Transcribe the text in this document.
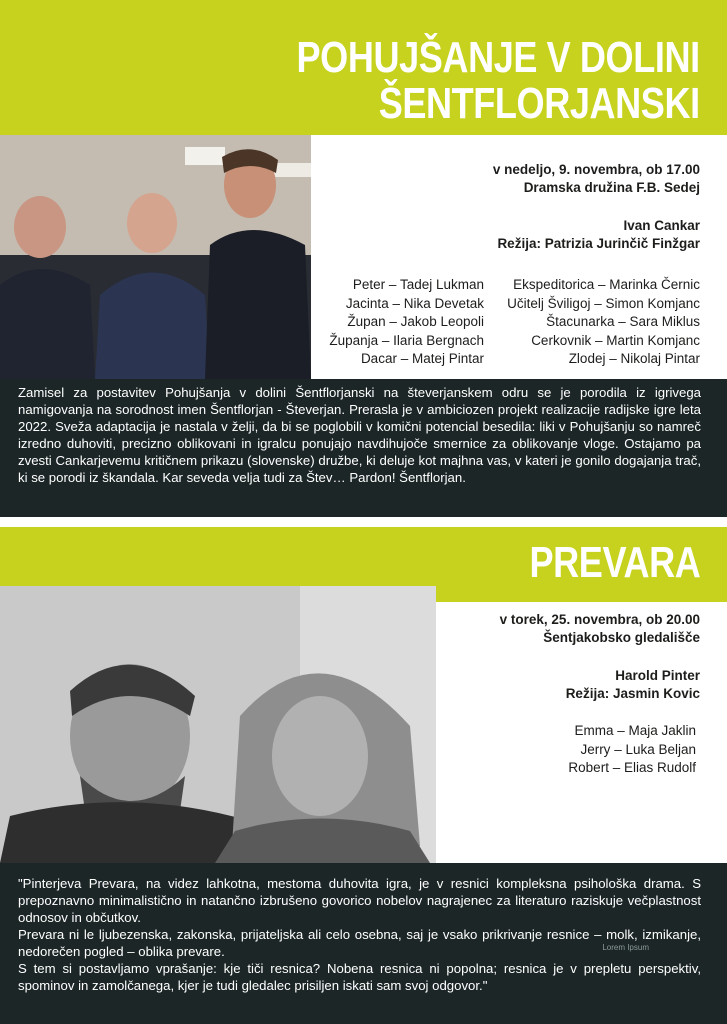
POHUJŠANJE V DOLINI
ŠENTFLORJANSKI
v nedeljo, 9. novembra, ob 17.00
Dramska družina F.B. Sedej
Ivan Cankar
Režija: Patrizia Jurinčič Finžgar
Peter – Tadej Lukman
Jacinta – Nika Devetak
Župan – Jakob Leopoli
Županja – Ilaria Bergnach
Dacar – Matej Pintar
Ekspeditorica – Marinka Černic
Učitelj Šviligoj – Simon Komjanc
Štacunarka – Sara Miklus
Cerkovnik – Martin Komjanc
Zlodej – Nikolaj Pintar
Zamisel za postavitev Pohujšanja v dolini Šentflorjanski na števerjanskem odru se je porodila iz igrivega namigovanja na sorodnost imen Šentflorjan - Števerjan. Prerasla je v ambiciozen projekt realizacije radijske igre leta 2022. Sveža adaptacija je nastala v želji, da bi se poglobili v komični potencial besedila: liki v Pohujšanju so namreč izredno duhoviti, precizno oblikovani in igralcu ponujajo navdihujoče smernice za oblikovanje vloge. Ostajamo pa zvesti Cankarjevemu kritičnem prikazu (slovenske) družbe, ki deluje kot majhna vas, v kateri je gonilo dogajanja trač, ki se porodi iz škandala. Kar seveda velja tudi za Štev… Pardon! Šentflorjan.
PREVARA
v torek, 25. novembra, ob 20.00
Šentjakobsko gledališče
Harold Pinter
Režija: Jasmin Kovic
Emma – Maja Jaklin
Jerry – Luka Beljan
Robert – Elias Rudolf

"Pinterjeva Prevara, na videz lahkotna, mestoma duhovita igra, je v resnici kompleksna psihološka drama. S prepoznavno minimalistično in natančno izbrušeno govorico nobelov nagrajenec za literaturo raziskuje večplastnost odnosov in občutkov.

Prevara ni le ljubezenska, zakonska, prijateljska ali celo osebna, saj je vsako prikrivanje resnice – molk, izmikanje, nedorečen pogled – oblika prevare.

S tem si postavljamo vprašanje: kje tiči resnica? Nobena resnica ni popolna; resnica je v prepletu perspektiv, spominov in zamolčanega, kjer je tudi gledalec prisiljen iskati sam svoj odgovor."

Lorem Ipsum
